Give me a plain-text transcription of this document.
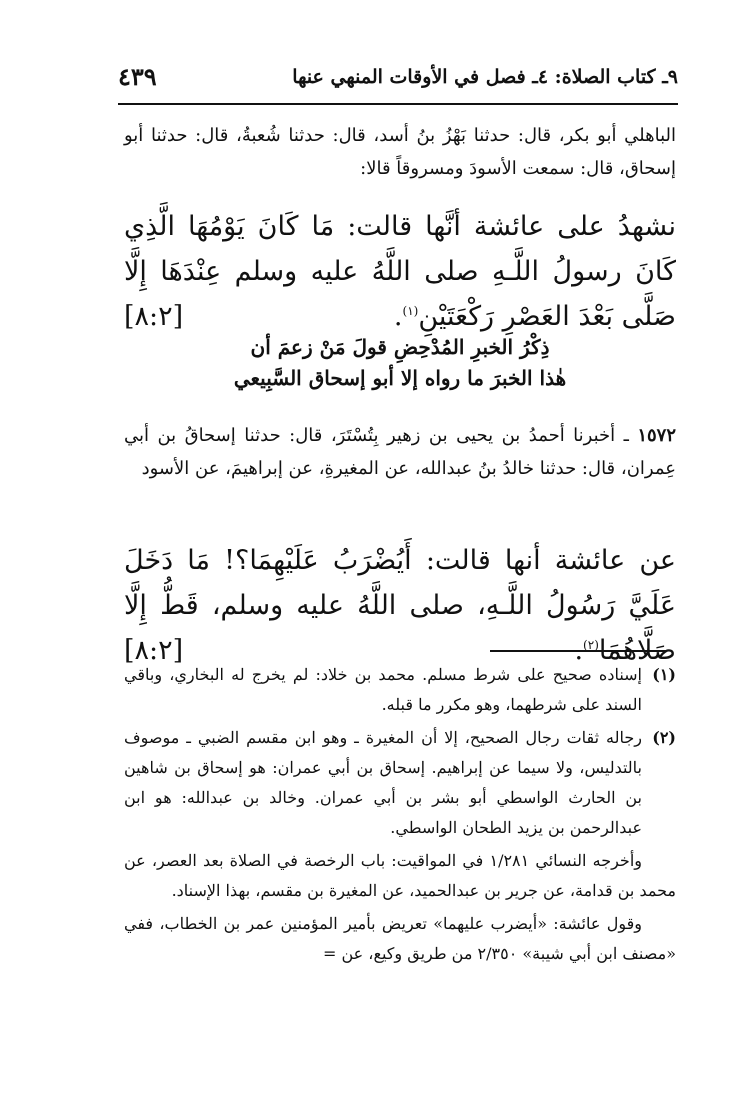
٩ـ كتاب الصلاة: ٤ـ فصل في الأوقات المنهي عنها
٤٣٩
الباهلي أبو بكر، قال: حدثنا بَهْزُ بنُ أسد، قال: حدثنا شُعبةُ، قال: حدثنا أبو إسحاق، قال: سمعت الأسودَ ومسروقاً قالا:
نشهدُ على عائشة أنَّها قالت: مَا كَانَ يَوْمُهَا الَّذِي كَانَ رسولُ اللَّـهِ صلى اللَّهُ عليه وسلم عِنْدَهَا إِلَّا صَلَّى بَعْدَ العَصْرِ رَكْعَتَيْنِ$^{(١)}$.
[٨:٢]
ذِكْرُ الخبرِ المُدْحِضِ قولَ مَنْ زعمَ أن
هٰذا الخبرَ ما رواه إلا أبو إسحاق السَّبِيعي
١٥٧٢ ـ أخبرنا أحمدُ بن يحيى بن زهير بِتُسْتَرَ، قال: حدثنا إسحاقُ بن أبي عِمران، قال: حدثنا خالدُ بنُ عبدالله، عن المغيرةِ، عن إبراهيمَ، عن الأسود
عن عائشة أنها قالت: أَيُضْرَبُ عَلَيْهِمَا؟! مَا دَخَلَ عَلَيَّ رَسُولُ اللَّـهِ، صلى اللَّهُ عليه وسلم، قَطُّ إِلَّا صَلَّاهُمَا$^{(٢)}$.
[٨:٢]
(١)
إسناده صحيح على شرط مسلم. محمد بن خلاد: لم يخرج له البخاري، وباقي السند على شرطهما، وهو مكرر ما قبله.
(٢)
رجاله ثقات رجال الصحيح، إلا أن المغيرة ـ وهو ابن مقسم الضبي ـ موصوف بالتدليس، ولا سيما عن إبراهيم. إسحاق بن أبي عمران: هو إسحاق بن شاهين بن الحارث الواسطي أبو بشر بن أبي عمران. وخالد بن عبدالله: هو ابن عبدالرحمن بن يزيد الطحان الواسطي.
وأخرجه النسائي ١/٢٨١ في المواقيت: باب الرخصة في الصلاة بعد العصر، عن محمد بن قدامة، عن جرير بن عبدالحميد، عن المغيرة بن مقسم، بهذا الإسناد.
وقول عائشة: «أيضرب عليهما» تعريض بأمير المؤمنين عمر بن الخطاب، ففي «مصنف ابن أبي شيبة» ٢/٣٥٠ من طريق وكيع، عن =
